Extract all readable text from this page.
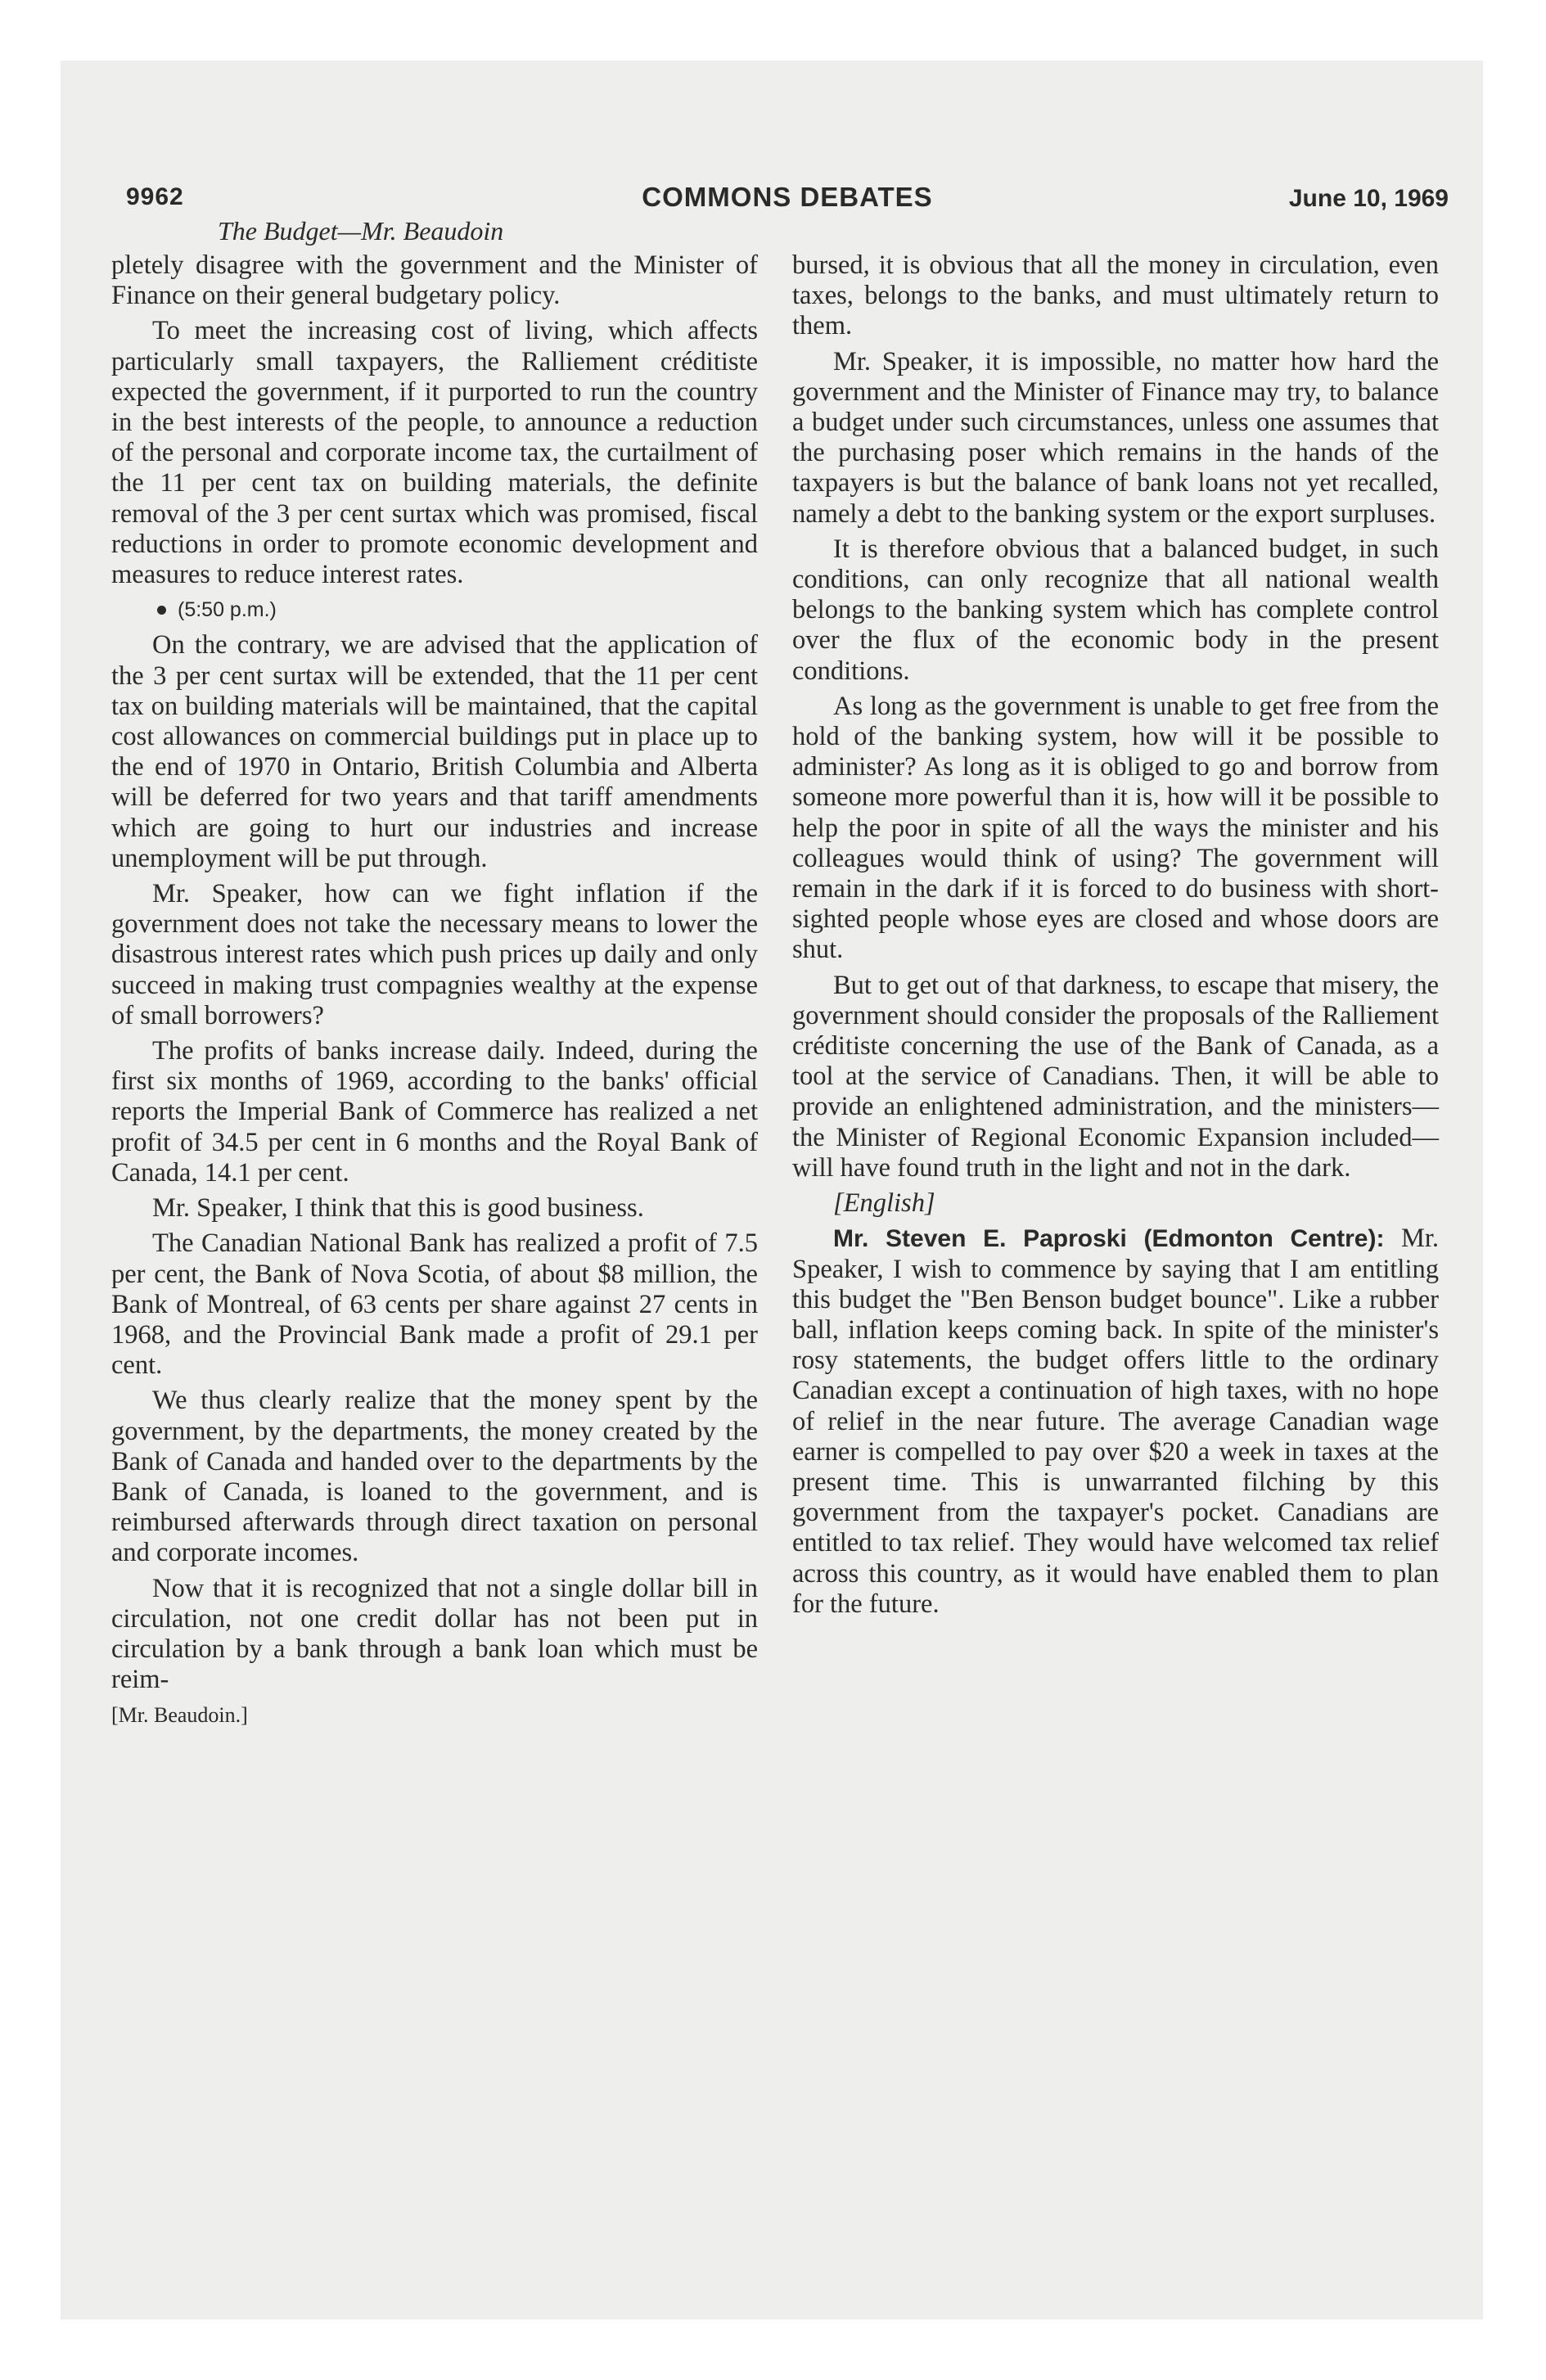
9962	COMMONS DEBATES	June 10, 1969
The Budget—Mr. Beaudoin

pletely disagree with the government and the Minister of Finance on their general budgetary policy.

To meet the increasing cost of living, which affects particularly small taxpayers, the Ralliement créditiste expected the government, if it purported to run the country in the best interests of the people, to announce a reduction of the personal and corporate income tax, the curtailment of the 11 per cent tax on building materials, the definite removal of the 3 per cent surtax which was promised, fiscal reductions in order to promote economic development and measures to reduce interest rates.

(5:50 p.m.)

On the contrary, we are advised that the application of the 3 per cent surtax will be extended, that the 11 per cent tax on building materials will be maintained, that the capital cost allowances on commercial buildings put in place up to the end of 1970 in Ontario, British Columbia and Alberta will be deferred for two years and that tariff amendments which are going to hurt our industries and increase unemployment will be put through.

Mr. Speaker, how can we fight inflation if the government does not take the necessary means to lower the disastrous interest rates which push prices up daily and only succeed in making trust compagnies wealthy at the expense of small borrowers?

The profits of banks increase daily. Indeed, during the first six months of 1969, according to the banks' official reports the Imperial Bank of Commerce has realized a net profit of 34.5 per cent in 6 months and the Royal Bank of Canada, 14.1 per cent.

Mr. Speaker, I think that this is good business.

The Canadian National Bank has realized a profit of 7.5 per cent, the Bank of Nova Scotia, of about $8 million, the Bank of Montreal, of 63 cents per share against 27 cents in 1968, and the Provincial Bank made a profit of 29.1 per cent.

We thus clearly realize that the money spent by the government, by the departments, the money created by the Bank of Canada and handed over to the departments by the Bank of Canada, is loaned to the government, and is reimbursed afterwards through direct taxation on personal and corporate incomes.

Now that it is recognized that not a single dollar bill in circulation, not one credit dollar has not been put in circulation by a bank through a bank loan which must be reim-

[Mr. Beaudoin.]

bursed, it is obvious that all the money in circulation, even taxes, belongs to the banks, and must ultimately return to them.

Mr. Speaker, it is impossible, no matter how hard the government and the Minister of Finance may try, to balance a budget under such circumstances, unless one assumes that the purchasing poser which remains in the hands of the taxpayers is but the balance of bank loans not yet recalled, namely a debt to the banking system or the export surpluses.

It is therefore obvious that a balanced budget, in such conditions, can only recognize that all national wealth belongs to the banking system which has complete control over the flux of the economic body in the present conditions.

As long as the government is unable to get free from the hold of the banking system, how will it be possible to administer? As long as it is obliged to go and borrow from someone more powerful than it is, how will it be possible to help the poor in spite of all the ways the minister and his colleagues would think of using? The government will remain in the dark if it is forced to do business with short-sighted people whose eyes are closed and whose doors are shut.

But to get out of that darkness, to escape that misery, the government should consider the proposals of the Ralliement créditiste concerning the use of the Bank of Canada, as a tool at the service of Canadians. Then, it will be able to provide an enlightened administration, and the ministers—the Minister of Regional Economic Expansion included—will have found truth in the light and not in the dark.

[English]

Mr. Steven E. Paproski (Edmonton Centre): Mr. Speaker, I wish to commence by saying that I am entitling this budget the "Ben Benson budget bounce". Like a rubber ball, inflation keeps coming back. In spite of the minister's rosy statements, the budget offers little to the ordinary Canadian except a continuation of high taxes, with no hope of relief in the near future. The average Canadian wage earner is compelled to pay over $20 a week in taxes at the present time. This is unwarranted filching by this government from the taxpayer's pocket. Canadians are entitled to tax relief. They would have welcomed tax relief across this country, as it would have enabled them to plan for the future.
